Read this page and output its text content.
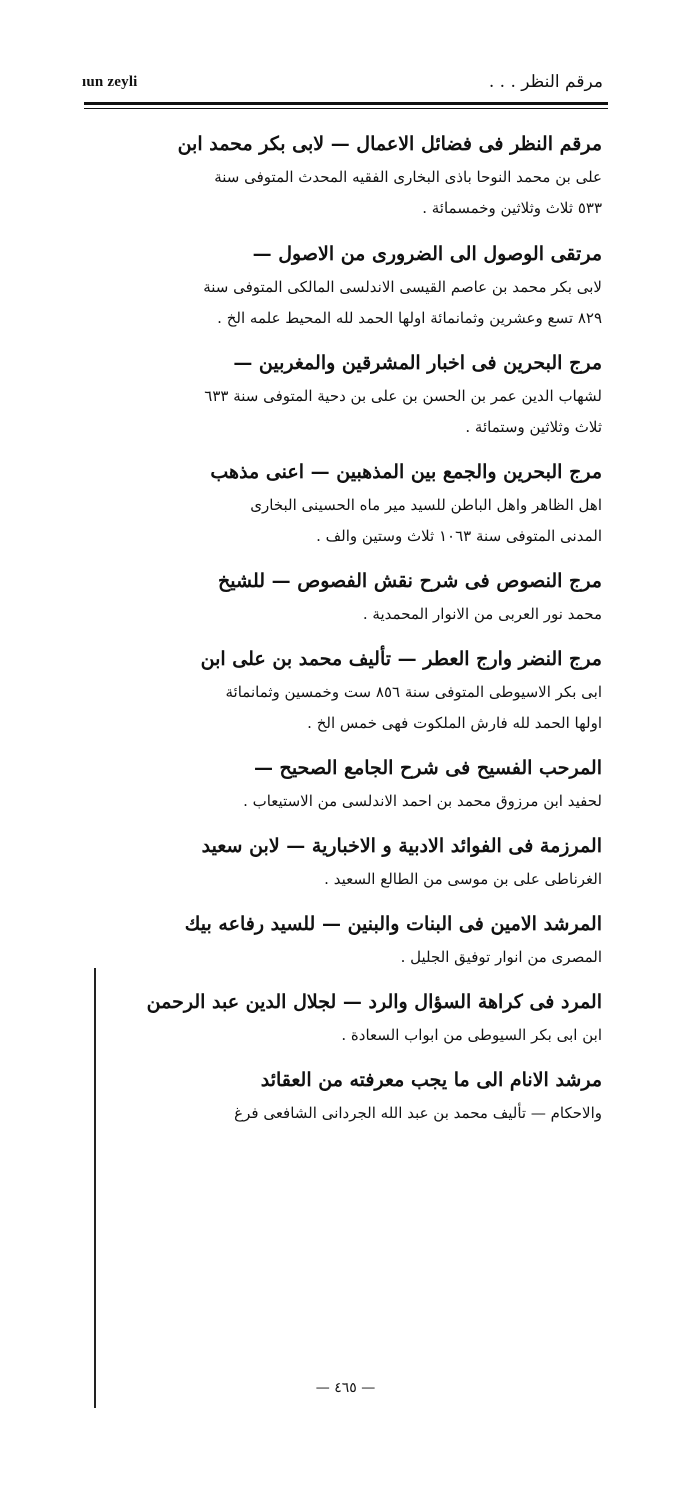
ıun zeyli	مرقم النظر . . .
مرقم النظر فی فضائل الاعمال — لابی بکر محمد ابن
علی بن محمد النوحا باذی البخاری الفقیه المحدث المتوفی سنة
٥٣٣ ثلاث وثلاثین وخمسمائة .
مرتقی الوصول الی الضروری من الاصول —
لابی بکر محمد بن عاصم القیسی الاندلسی المالکی المتوفی سنة
٨٢٩ تسع وعشرین وثمانمائة اولها الحمد لله المحیط علمه الخ .
مرج البحرین فی اخبار المشرقین والمغربین —
لشهاب الدین عمر بن الحسن بن علی بن دحیة المتوفی سنة ٦٣٣
ثلاث وثلاثین وستمائة .
مرج البحرین والجمع بین المذهبین — اعنی مذهب
اهل الظاهر واهل الباطن للسید میر ماه الحسینی البخاری
المدنی المتوفی سنة ١٠٦٣ ثلاث وستین والف .
مرج النصوص فی شرح نقش الفصوص — للشیخ
محمد نور العربی من الانوار المحمدیة .
مرج النضر وارج العطر — تألیف محمد بن علی ابن
ابی بکر الاسیوطی المتوفی سنة ٨٥٦ ست وخمسین وثمانمائة
اولها الحمد لله فارش الملکوت فهی خمس الخ .
المرحب الفسیح فی شرح الجامع الصحیح —
لحفید ابن مرزوق محمد بن احمد الاندلسی من الاستیعاب .
المرزمة فی الفوائد الادبیة و الاخباریة — لابن سعید
الغرناطی علی بن موسی من الطالع السعید .
المرشد الامین فی البنات والبنین — للسید رفاعه بیك
المصری من انوار توفیق الجلیل .
المرد فی کراهة السؤال والرد — لجلال الدین عبد الرحمن
ابن ابی بکر السیوطی من ابواب السعادة .
مرشد الانام الی ما یجب معرفته من العقائد
والاحکام — تألیف محمد بن عبد الله الجردانی الشافعی فرغ
— ٤٦٥ —
